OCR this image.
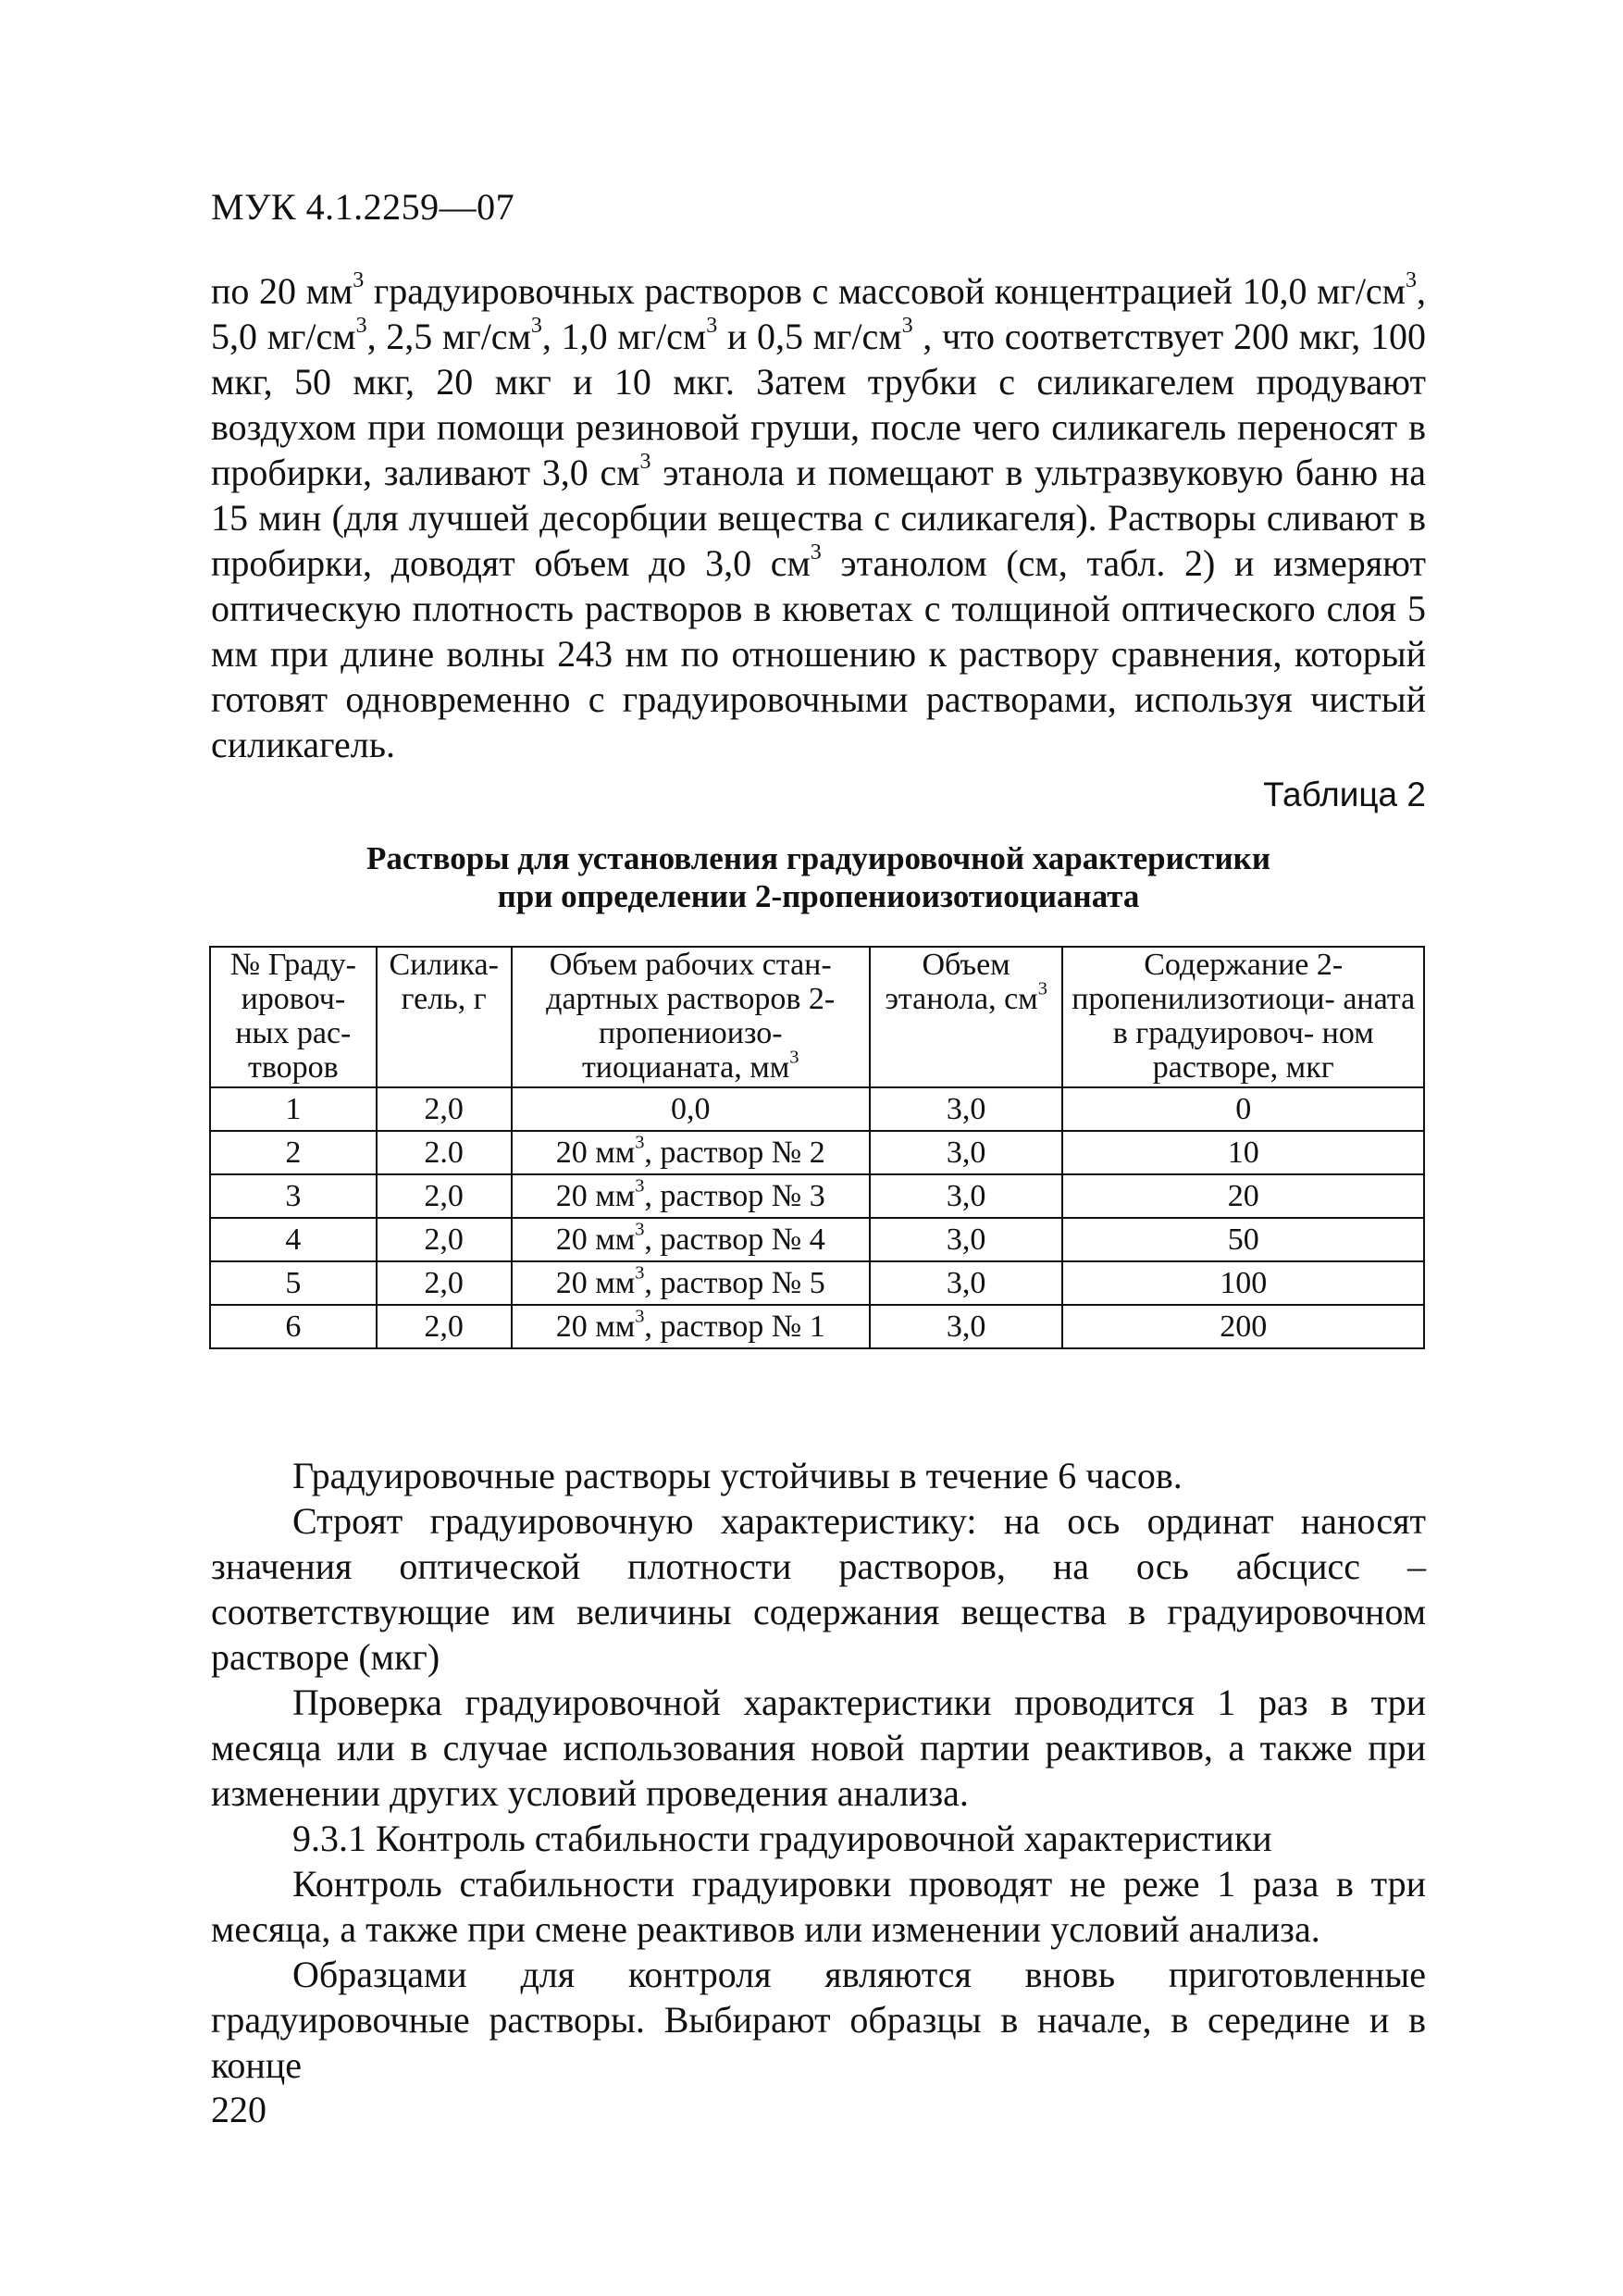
МУК 4.1.2259—07

по 20 $мм^3$ градуировочных растворов с массовой концентрацией 10,0 $мг/см^3$, 5,0 $мг/см^3$, 2,5 $мг/см^3$, 1,0 $мг/см^3$ и 0,5 $мг/см^3$ , что соответствует 200 мкг, 100 мкг, 50 мкг, 20 мкг и 10 мкг. Затем трубки с силикагелем продувают воздухом при помощи резиновой груши, после чего силикагель переносят в пробирки, заливают 3,0 $см^3$ этанола и помещают в ультразвуковую баню на 15 мин (для лучшей десорбции вещества с силикагеля). Растворы сливают в пробирки, доводят объем до 3,0 $см^3$ этанолом (см, табл. 2) и измеряют оптическую плотность растворов в кюветах с толщиной оптического слоя 5 мм при длине волны 243 нм по отношению к раствору сравнения, который готовят одновременно с градуировочными растворами, используя чистый силикагель.

Таблица 2
Растворы для установления градуировочной характеристики
при определении 2-пропениоизотиоцианата
№ Граду- ировоч- ных рас- творов	Силика- гель, г	Объем рабочих стан- дартных растворов 2-пропениоизо- тиоцианата, $мм^3$	Объем этанола, $см^3$	Содержание 2-пропенилизотиоци- аната в градуировоч- ном растворе, мкг
1	2,0	0,0	3,0	0
2	2.0	20 $мм^3$, раствор № 2	3,0	10
3	2,0	20 $мм^3$, раствор № 3	3,0	20
4	2,0	20 $мм^3$, раствор № 4	3,0	50
5	2,0	20 $мм^3$, раствор № 5	3,0	100
6	2,0	20 $мм^3$, раствор № 1	3,0	200

Градуировочные растворы устойчивы в течение 6 часов.

Строят градуировочную характеристику: на ось ординат наносят значения оптической плотности растворов, на ось абсцисс – соответствующие им величины содержания вещества в градуировочном растворе (мкг)

Проверка градуировочной характеристики проводится 1 раз в три месяца или в случае использования новой партии реактивов, а также при изменении других условий проведения анализа.

9.3.1 Контроль стабильности градуировочной характеристики

Контроль стабильности градуировки проводят не реже 1 раза в три месяца, а также при смене реактивов или изменении условий анализа.

Образцами для контроля являются вновь приготовленные градуировочные растворы. Выбирают образцы в начале, в середине и в конце

220
